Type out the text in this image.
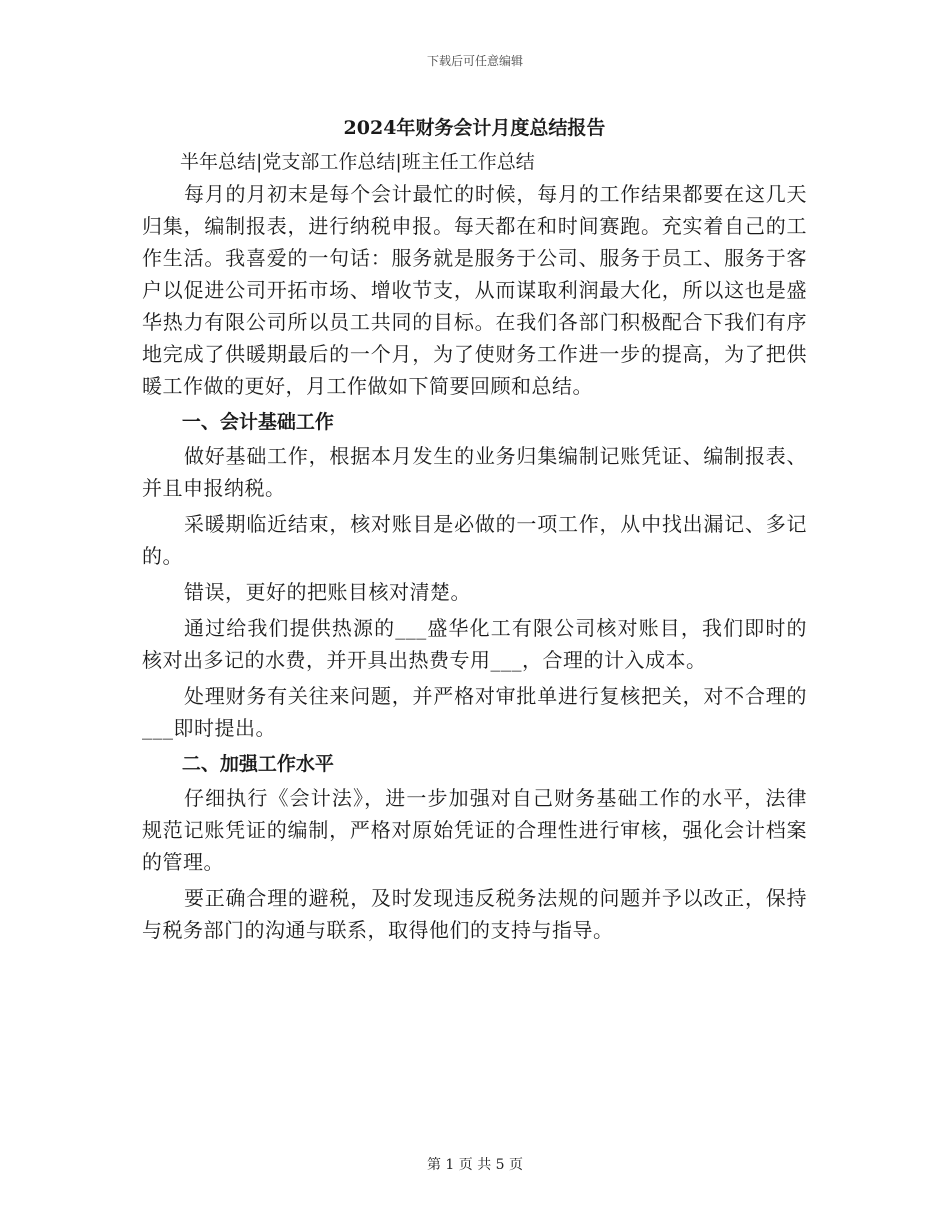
下载后可任意编辑
2024年财务会计月度总结报告

半年总结|党支部工作总结|班主任工作总结

每月的月初末是每个会计最忙的时候，每月的工作结果都要在这几天归集，编制报表，进行纳税申报。每天都在和时间赛跑。充实着自己的工作生活。我喜爱的一句话：服务就是服务于公司、服务于员工、服务于客户以促进公司开拓市场、增收节支，从而谋取利润最大化，所以这也是盛华热力有限公司所以员工共同的目标。在我们各部门积极配合下我们有序地完成了供暖期最后的一个月，为了使财务工作进一步的提高，为了把供暖工作做的更好，月工作做如下简要回顾和总结。

一、会计基础工作

做好基础工作，根据本月发生的业务归集编制记账凭证、编制报表、并且申报纳税。

采暖期临近结束，核对账目是必做的一项工作，从中找出漏记、多记的。

错误，更好的把账目核对清楚。

通过给我们提供热源的___盛华化工有限公司核对账目，我们即时的核对出多记的水费，并开具出热费专用___，合理的计入成本。

处理财务有关往来问题，并严格对审批单进行复核把关，对不合理的___即时提出。

二、加强工作水平

仔细执行《会计法》，进一步加强对自己财务基础工作的水平，法律规范记账凭证的编制，严格对原始凭证的合理性进行审核，强化会计档案的管理。

要正确合理的避税，及时发现违反税务法规的问题并予以改正，保持与税务部门的沟通与联系，取得他们的支持与指导。

第 1 页 共 5 页
